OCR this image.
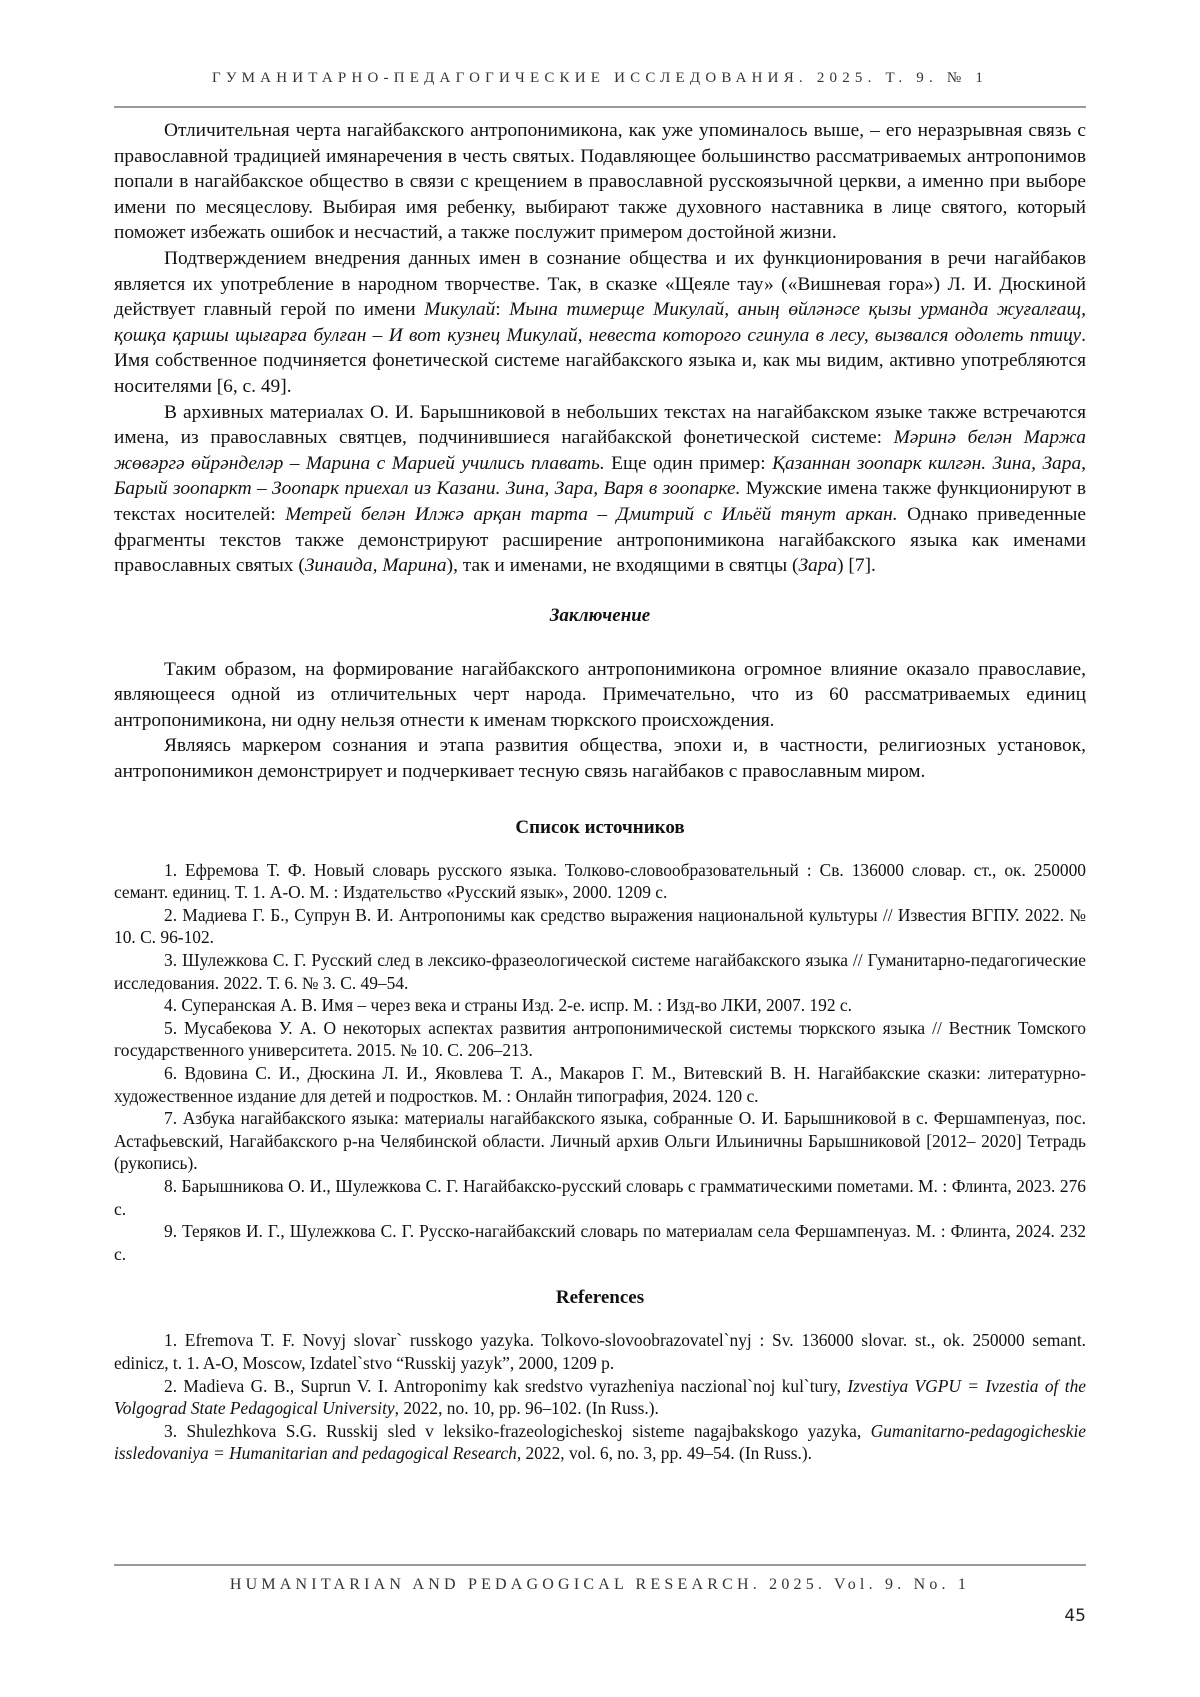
ГУМАНИТАРНО-ПЕДАГОГИЧЕСКИЕ ИССЛЕДОВАНИЯ. 2025. Т. 9. № 1

Отличительная черта нагайбакского антропонимикона, как уже упоминалось выше, – его неразрывная связь с православной традицией имянаречения в честь святых. Подавляющее большинство рассматриваемых антропонимов попали в нагайбакское общество в связи с крещением в православной русскоязычной церкви, а именно при выборе имени по месяцеслову. Выбирая имя ребенку, выбирают также духовного наставника в лице святого, который поможет избежать ошибок и несчастий, а также послужит примером достойной жизни.

Подтверждением внедрения данных имен в сознание общества и их функционирования в речи нагайбаков является их употребление в народном творчестве. Так, в сказке «Щеяле тау» («Вишневая гора») Л. И. Дюскиной действует главный герой по имени Микулай: Мына тимерще Микулай, аның өйләнәсе қызы урманда жуғалғащ, қошқа қаршы щығарға булған – И вот кузнец Микулай, невеста которого сгинула в лесу, вызвался одолеть птицу. Имя собственное подчиняется фонетической системе нагайбакского языка и, как мы видим, активно употребляются носителями [6, с. 49].

В архивных материалах О. И. Барышниковой в небольших текстах на нагайбакском языке также встречаются имена, из православных святцев, подчинившиеся нагайбакской фонетической системе: Мәринә белән Маржа жөвәргә өйрәнделәр – Марина с Марией учились плавать. Еще один пример: Қазаннан зоопарк килгән. Зина, Зара, Барый зоопаркт – Зоопарк приехал из Казани. Зина, Зара, Варя в зоопарке. Мужские имена также функционируют в текстах носителей: Метрей белән Илжә арқан тарта – Дмитрий с Ильёй тянут аркан. Однако приведенные фрагменты текстов также демонстрируют расширение антропонимикона нагайбакского языка как именами православных святых (Зинаида, Марина), так и именами, не входящими в святцы (Зара) [7].

Заключение

Таким образом, на формирование нагайбакского антропонимикона огромное влияние оказало православие, являющееся одной из отличительных черт народа. Примечательно, что из 60 рассматриваемых единиц антропонимикона, ни одну нельзя отнести к именам тюркского происхождения.

Являясь маркером сознания и этапа развития общества, эпохи и, в частности, религиозных установок, антропонимикон демонстрирует и подчеркивает тесную связь нагайбаков с православным миром.

Список источников

1. Ефремова Т. Ф. Новый словарь русского языка. Толково-словообразовательный : Св. 136000 словар. ст., ок. 250000 семант. единиц. Т. 1. А-О. М. : Издательство «Русский язык», 2000. 1209 с.
2. Мадиева Г. Б., Супрун В. И. Антропонимы как средство выражения национальной культуры // Известия ВГПУ. 2022. № 10. С. 96-102.
3. Шулежкова С. Г. Русский след в лексико-фразеологической системе нагайбакского языка // Гуманитарно-педагогические исследования. 2022. Т. 6. № 3. С. 49–54.
4. Суперанская А. В. Имя – через века и страны Изд. 2-е. испр. М. : Изд-во ЛКИ, 2007. 192 с.
5. Мусабекова У. А. О некоторых аспектах развития антропонимической системы тюркского языка // Вестник Томского государственного университета. 2015. № 10. С. 206–213.
6. Вдовина С. И., Дюскина Л. И., Яковлева Т. А., Макаров Г. М., Витевский В. Н. Нагайбакские сказки: литературно-художественное издание для детей и подростков. М. : Онлайн типография, 2024. 120 с.
7. Азбука нагайбакского языка: материалы нагайбакского языка, собранные О. И. Барышниковой в с. Фершампенуаз, пос. Астафьевский, Нагайбакского р-на Челябинской области. Личный архив Ольги Ильиничны Барышниковой [2012– 2020] Тетрадь (рукопись).
8. Барышникова О. И., Шулежкова С. Г. Нагайбакско-русский словарь с грамматическими пометами. М. : Флинта, 2023. 276 с.
9. Теряков И. Г., Шулежкова С. Г. Русско-нагайбакский словарь по материалам села Фершампенуаз. М. : Флинта, 2024. 232 с.

References

1. Efremova T. F. Novyj slovar` russkogo yazyka. Tolkovo-slovoobrazovatel`nyj : Sv. 136000 slovar. st., ok. 250000 semant. edinicz, t. 1. A-O, Moscow, Izdatel`stvo “Russkij yazyk”, 2000, 1209 p.
2. Madieva G. B., Suprun V. I. Antroponimy kak sredstvo vyrazheniya naczional`noj kul`tury, Izvestiya VGPU = Ivzestia of the Volgograd State Pedagogical University, 2022, no. 10, pp. 96–102. (In Russ.).
3. Shulezhkova S.G. Russkij sled v leksiko-frazeologicheskoj sisteme nagajbakskogo yazyka, Gumanitarno-pedagogicheskie issledovaniya = Humanitarian and pedagogical Research, 2022, vol. 6, no. 3, pp. 49–54. (In Russ.).
HUMANITARIAN AND PEDAGOGICAL RESEARCH. 2025. Vol. 9. No. 1
45
